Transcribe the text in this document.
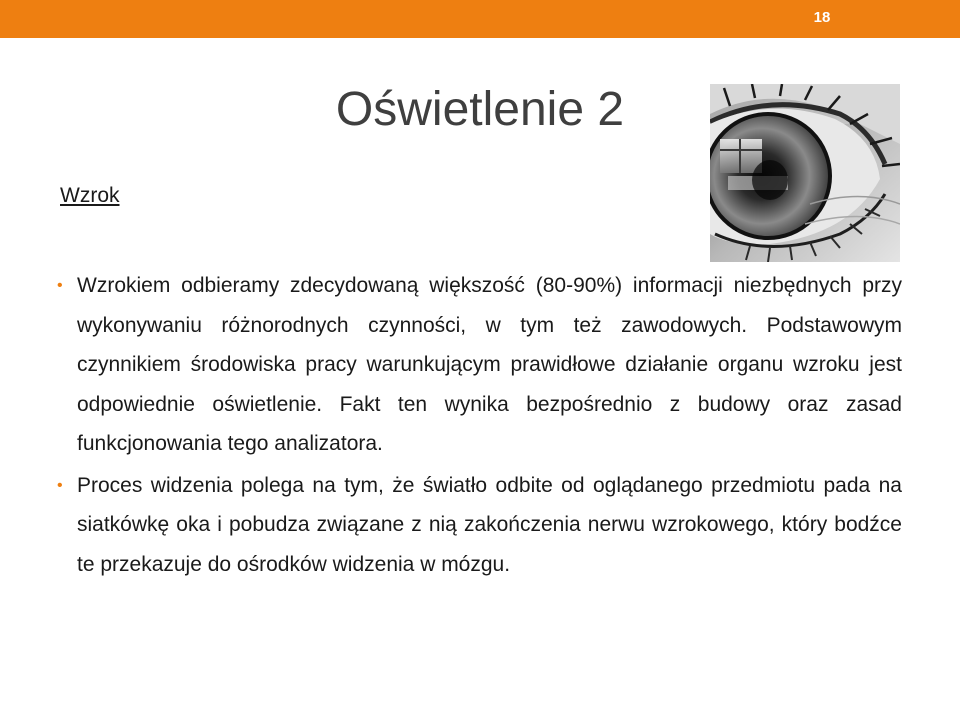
18
Oświetlenie 2
Wzrok
• Wzrokiem odbieramy zdecydowaną większość (80-90%) informacji niezbędnych przy wykonywaniu różnorodnych czynności, w tym też zawodowych. Podstawowym czynnikiem środowiska pracy warunkującym prawidłowe działanie organu wzroku jest odpowiednie oświetlenie. Fakt ten wynika bezpośrednio z budowy oraz zasad funkcjonowania tego analizatora.
• Proces widzenia polega na tym, że światło odbite od oglądanego przedmiotu pada na siatkówkę oka i pobudza związane z nią zakończenia nerwu wzrokowego, który bodźce te przekazuje do ośrodków widzenia w mózgu.
